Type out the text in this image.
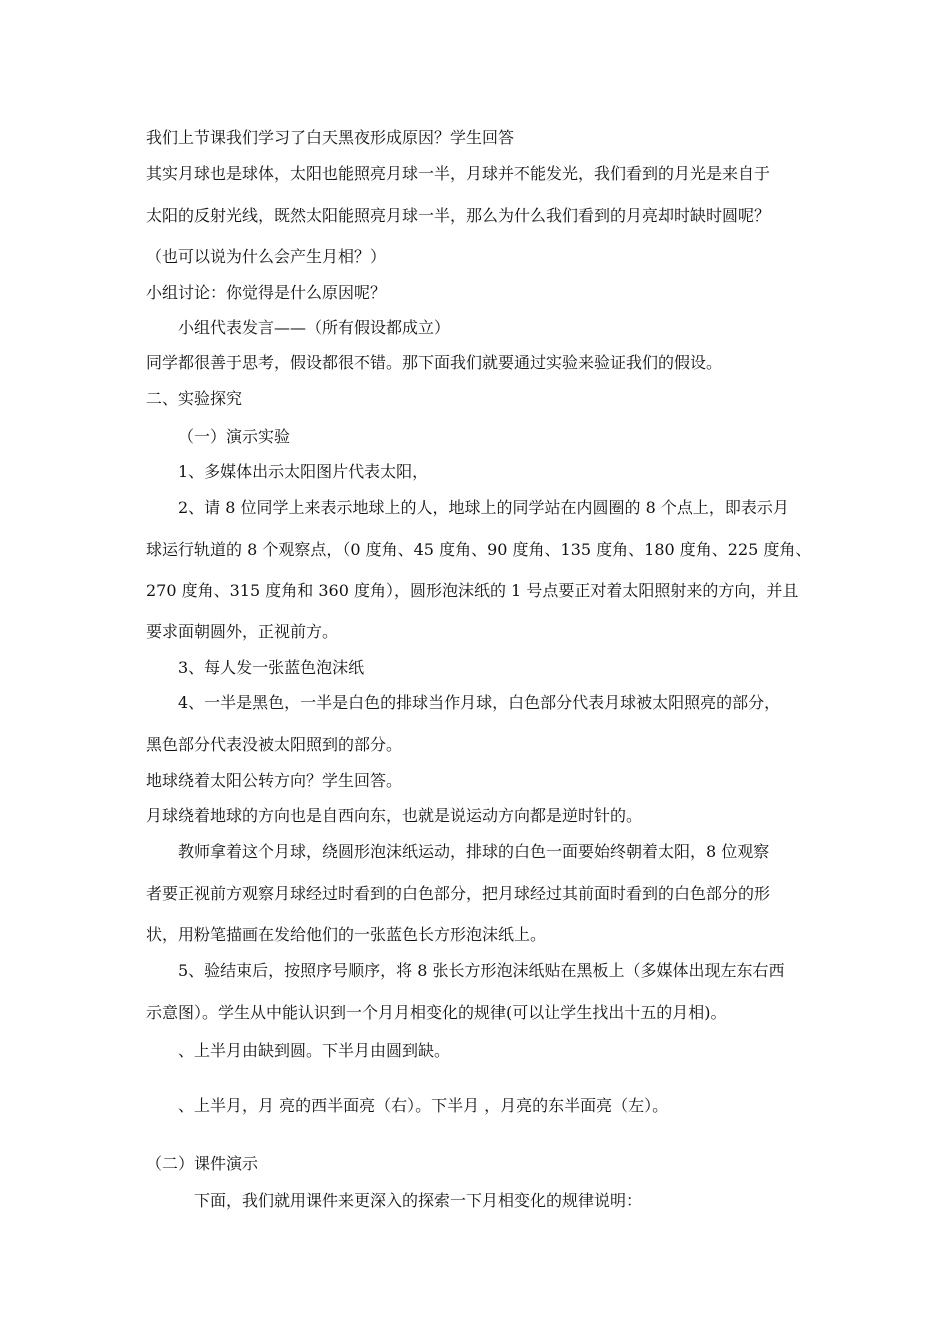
我们上节课我们学习了白天黑夜形成原因？学生回答
其实月球也是球体，太阳也能照亮月球一半，月球并不能发光，我们看到的月光是来自于
太阳的反射光线，既然太阳能照亮月球一半，那么为什么我们看到的月亮却时缺时圆呢？
（也可以说为什么会产生月相？）
小组讨论：你觉得是什么原因呢？
小组代表发言——（所有假设都成立）
同学都很善于思考，假设都很不错。那下面我们就要通过实验来验证我们的假设。
二、实验探究
（一）演示实验
1、多媒体出示太阳图片代表太阳，
2、请 8 位同学上来表示地球上的人，地球上的同学站在内圆圈的 8 个点上，即表示月
球运行轨道的 8 个观察点，（0 度角、45 度角、90 度角、135 度角、180 度角、225 度角、
270 度角、315 度角和 360 度角），圆形泡沫纸的 1 号点要正对着太阳照射来的方向，并且
要求面朝圆外，正视前方。
3、每人发一张蓝色泡沫纸
4、一半是黑色，一半是白色的排球当作月球，白色部分代表月球被太阳照亮的部分，
黑色部分代表没被太阳照到的部分。
地球绕着太阳公转方向？学生回答。
月球绕着地球的方向也是自西向东，也就是说运动方向都是逆时针的。
教师拿着这个月球，绕圆形泡沫纸运动，排球的白色一面要始终朝着太阳，8 位观察
者要正视前方观察月球经过时看到的白色部分，把月球经过其前面时看到的白色部分的形
状，用粉笔描画在发给他们的一张蓝色长方形泡沫纸上。
5、验结束后，按照序号顺序，将 8 张长方形泡沫纸贴在黑板上（多媒体出现左东右西
示意图）。学生从中能认识到一个月月相变化的规律(可以让学生找出十五的月相)。
、上半月由缺到圆。下半月由圆到缺。
、上半月，月 亮的西半面亮（右）。下半月 ，月亮的东半面亮（左）。
（二）课件演示
下面，我们就用课件来更深入的探索一下月相变化的规律说明：
